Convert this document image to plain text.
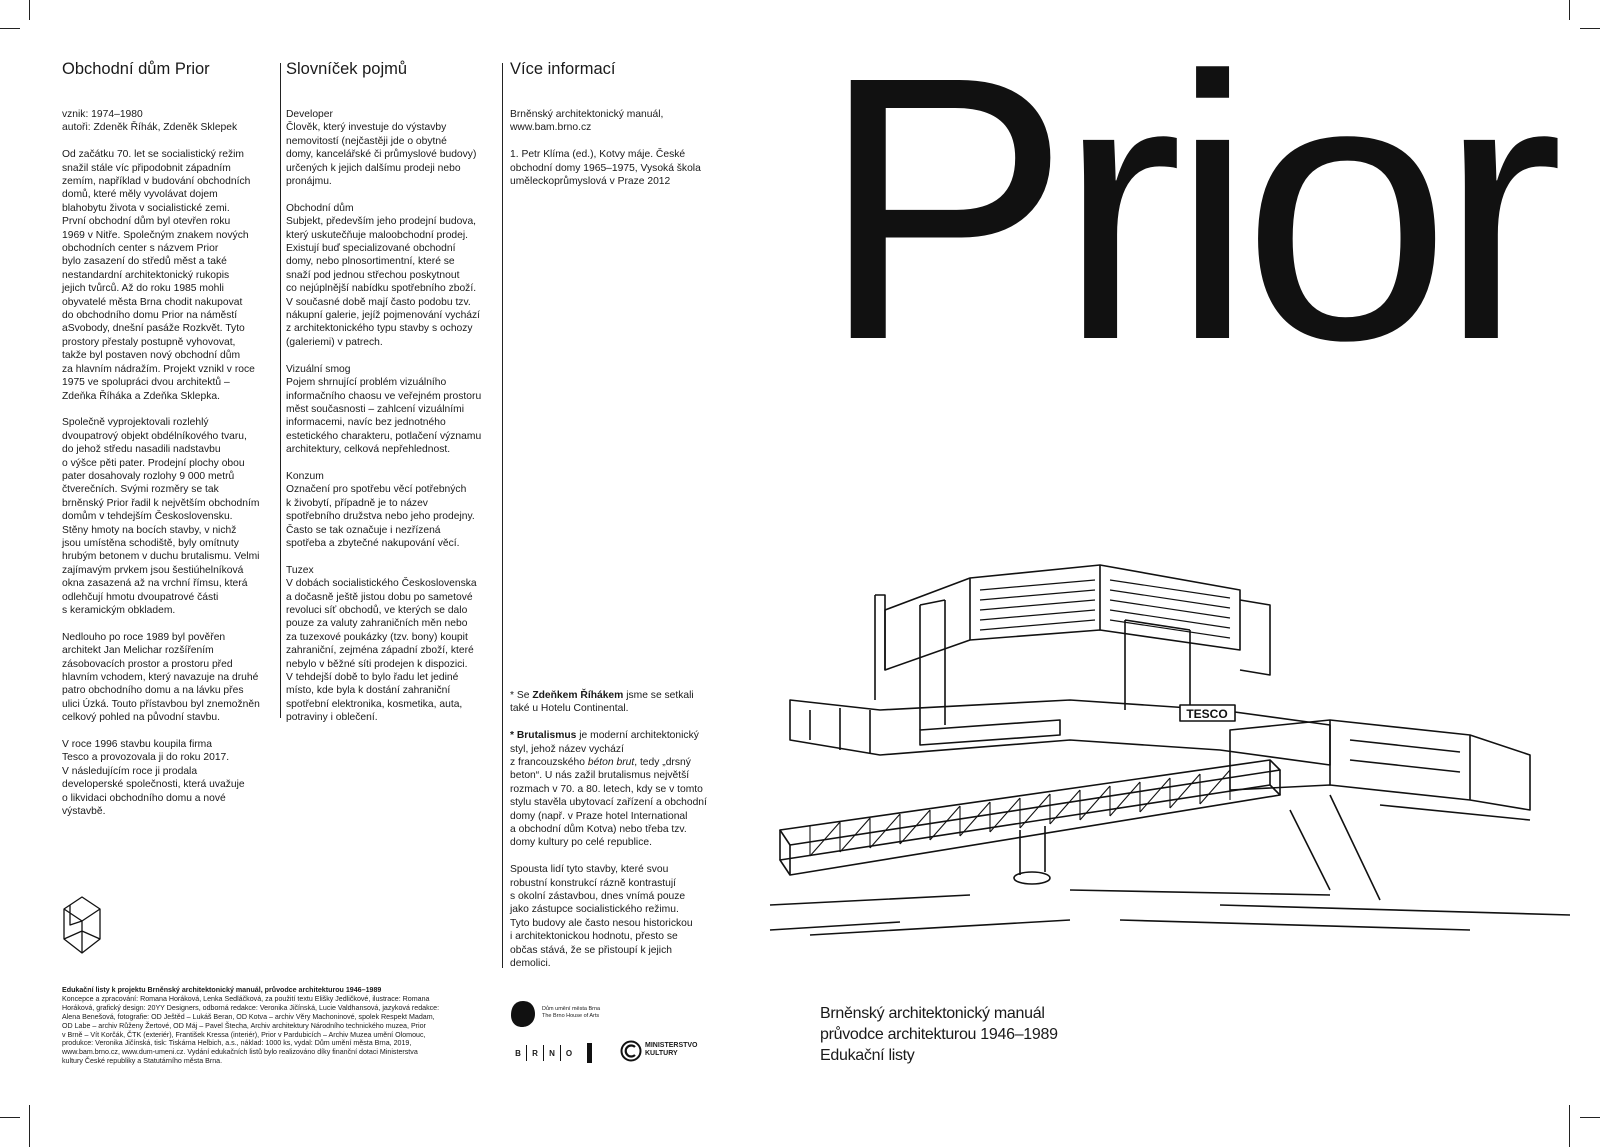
Obchodní dům Prior

vznik: 1974–1980
autoři: Zdeněk Říhák, Zdeněk Sklepek

Od začátku 70. let se socialistický režim
snažil stále víc připodobnit západním
zemím, například v budování obchodních
domů, které měly vyvolávat dojem
blahobytu života v socialistické zemi.
První obchodní dům byl otevřen roku
1969 v Nitře. Společným znakem nových
obchodních center s názvem Prior
bylo zasazení do středů měst a také
nestandardní architektonický rukopis
jejich tvůrců. Až do roku 1985 mohli
obyvatelé města Brna chodit nakupovat
do obchodního domu Prior na náměstí
aSvobody, dnešní pasáže Rozkvět. Tyto
prostory přestaly postupně vyhovovat,
takže byl postaven nový obchodní dům
za hlavním nádražím. Projekt vznikl v roce
1975 ve spolupráci dvou architektů –
Zdeňka Říháka a Zdeňka Sklepka.

Společně vyprojektovali rozlehlý
dvoupatrový objekt obdélníkového tvaru,
do jehož středu nasadili nadstavbu
o výšce pěti pater. Prodejní plochy obou
pater dosahovaly rozlohy 9 000 metrů
čtverečních. Svými rozměry se tak
brněnský Prior řadil k největším obchodním
domům v tehdejším Československu.
Stěny hmoty na bocích stavby, v nichž
jsou umístěna schodiště, byly omítnuty
hrubým betonem v duchu brutalismu. Velmi
zajímavým prvkem jsou šestiúhelníková
okna zasazená až na vrchní římsu, která
odlehčují hmotu dvoupatrové části
s keramickým obkladem.

Nedlouho po roce 1989 byl pověřen
architekt Jan Melichar rozšířením
zásobovacích prostor a prostoru před
hlavním vchodem, který navazuje na druhé
patro obchodního domu a na lávku přes
ulici Úzká. Touto přístavbou byl znemožněn
celkový pohled na původní stavbu.

V roce 1996 stavbu koupila firma
Tesco a provozovala ji do roku 2017.
V následujícím roce ji prodala
developerské společnosti, která uvažuje
o likvidaci obchodního domu a nové
výstavbě.

Slovníček pojmů
Developer
Člověk, který investuje do výstavby
nemovitostí (nejčastěji jde o obytné
domy, kancelářské či průmyslové budovy)
určených k jejich dalšímu prodeji nebo
pronájmu.
Obchodní dům
Subjekt, především jeho prodejní budova,
který uskutečňuje maloobchodní prodej.
Existují buď specializované obchodní
domy, nebo plnosortimentní, které se
snaží pod jednou střechou poskytnout
co nejúplnější nabídku spotřebního zboží.
V současné době mají často podobu tzv.
nákupní galerie, jejíž pojmenování vychází
z architektonického typu stavby s ochozy
(galeriemi) v patrech.
Vizuální smog
Pojem shrnující problém vizuálního
informačního chaosu ve veřejném prostoru
měst současnosti – zahlcení vizuálními
informacemi, navíc bez jednotného
estetického charakteru, potlačení významu
architektury, celková nepřehlednost.
Konzum
Označení pro spotřebu věcí potřebných
k živobytí, případně je to název
spotřebního družstva nebo jeho prodejny.
Často se tak označuje i nezřízená
spotřeba a zbytečné nakupování věcí.
Tuzex
V dobách socialistického Československa
a dočasně ještě jistou dobu po sametové
revoluci síť obchodů, ve kterých se dalo
pouze za valuty zahraničních měn nebo
za tuzexové poukázky (tzv. bony) koupit
zahraniční, zejména západní zboží, které
nebylo v běžné síti prodejen k dispozici.
V tehdejší době to bylo řadu let jediné
místo, kde byla k dostání zahraniční
spotřební elektronika, kosmetika, auta,
potraviny i oblečení.
Více informací

Brněnský architektonický manuál,
www.bam.brno.cz

1. Petr Klíma (ed.), Kotvy máje. České
obchodní domy 1965–1975, Vysoká škola
uměleckoprůmyslová v Praze 2012

* Se Zdeňkem Říhákem jsme se setkali
také u Hotelu Continental.

* Brutalismus je moderní architektonický
styl, jehož název vychází
z francouzského béton brut, tedy „drsný
beton“. U nás zažil brutalismus největší
rozmach v 70. a 80. letech, kdy se v tomto
stylu stavěla ubytovací zařízení a obchodní
domy (např. v Praze hotel International
a obchodní dům Kotva) nebo třeba tzv.
domy kultury po celé republice.

Spousta lidí tyto stavby, které svou
robustní konstrukcí rázně kontrastují
s okolní zástavbou, dnes vnímá pouze
jako zástupce socialistického režimu.
Tyto budovy ale často nesou historickou
i architektonickou hodnotu, přesto se
občas stává, že se přistoupí k jejich
demolici.

Prior
TESCO
Brněnský architektonický manuál
průvodce architekturou 1946–1989
Edukační listy
Edukační listy k projektu Brněnský architektonický manuál, průvodce architekturou 1946–1989
Koncepce a zpracování: Romana Horáková, Lenka Sedláčková, za použití textu Elišky Jedličkové, ilustrace: Romana
Horáková, grafický design: 20YY Designers, odborná redakce: Veronika Jičínská, Lucie Valdhansová, jazyková redakce:
Alena Benešová, fotografie: OD Ještěd – Lukáš Beran, OD Kotva – archiv Věry Machoninové, spolek Respekt Madam,
OD Labe – archiv Růženy Žertové, OD Máj – Pavel Štecha, Archiv architektury Národního technického muzea, Prior
v Brně – Vít Korčák, ČTK (exteriér), František Kressa (interiér), Prior v Pardubicích – Archiv Muzea umění Olomouc,
produkce: Veronika Jičínská, tisk: Tiskárna Helbich, a.s., náklad: 1000 ks, vydal: Dům umění města Brna, 2019,
www.bam.brno.cz, www.dum-umeni.cz. Vydání edukačních listů bylo realizováno díky finanční dotaci Ministerstva
kultury České republiky a Statutárního města Brna.
Dům umění města Brna
The Brno House of Arts
B	R	N	O
MINISTERSTVO
KULTURY
